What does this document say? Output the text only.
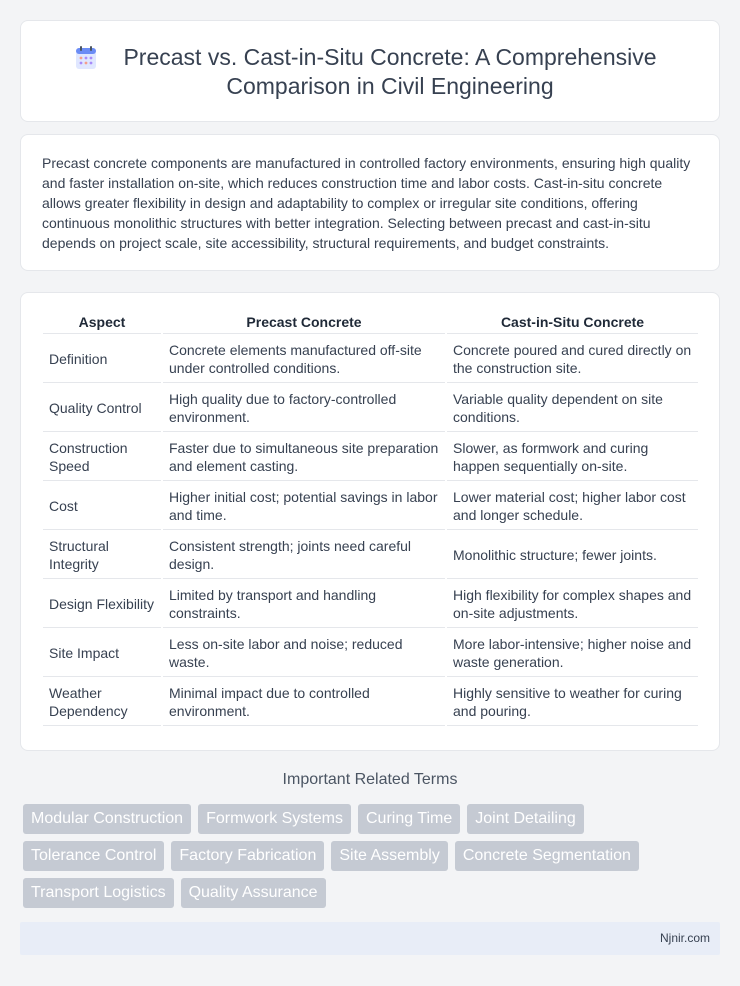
Precast vs. Cast-in-Situ Concrete: A Comprehensive Comparison in Civil Engineering

Precast concrete components are manufactured in controlled factory environments, ensuring high quality and faster installation on-site, which reduces construction time and labor costs. Cast-in-situ concrete allows greater flexibility in design and adaptability to complex or irregular site conditions, offering continuous monolithic structures with better integration. Selecting between precast and cast-in-situ depends on project scale, site accessibility, structural requirements, and budget constraints.

Aspect	Precast Concrete	Cast-in-Situ Concrete
Definition	Concrete elements manufactured off-site under controlled conditions.	Concrete poured and cured directly on the construction site.
Quality Control	High quality due to factory-controlled environment.	Variable quality dependent on site conditions.
Construction Speed	Faster due to simultaneous site preparation and element casting.	Slower, as formwork and curing happen sequentially on-site.
Cost	Higher initial cost; potential savings in labor and time.	Lower material cost; higher labor cost and longer schedule.
Structural Integrity	Consistent strength; joints need careful design.	Monolithic structure; fewer joints.
Design Flexibility	Limited by transport and handling constraints.	High flexibility for complex shapes and on-site adjustments.
Site Impact	Less on-site labor and noise; reduced waste.	More labor-intensive; higher noise and waste generation.
Weather Dependency	Minimal impact due to controlled environment.	Highly sensitive to weather for curing and pouring.
Important Related Terms
Modular Construction	Formwork Systems	Curing Time	Joint Detailing
Tolerance Control	Factory Fabrication	Site Assembly	Concrete Segmentation
Transport Logistics	Quality Assurance
Njnir.com
